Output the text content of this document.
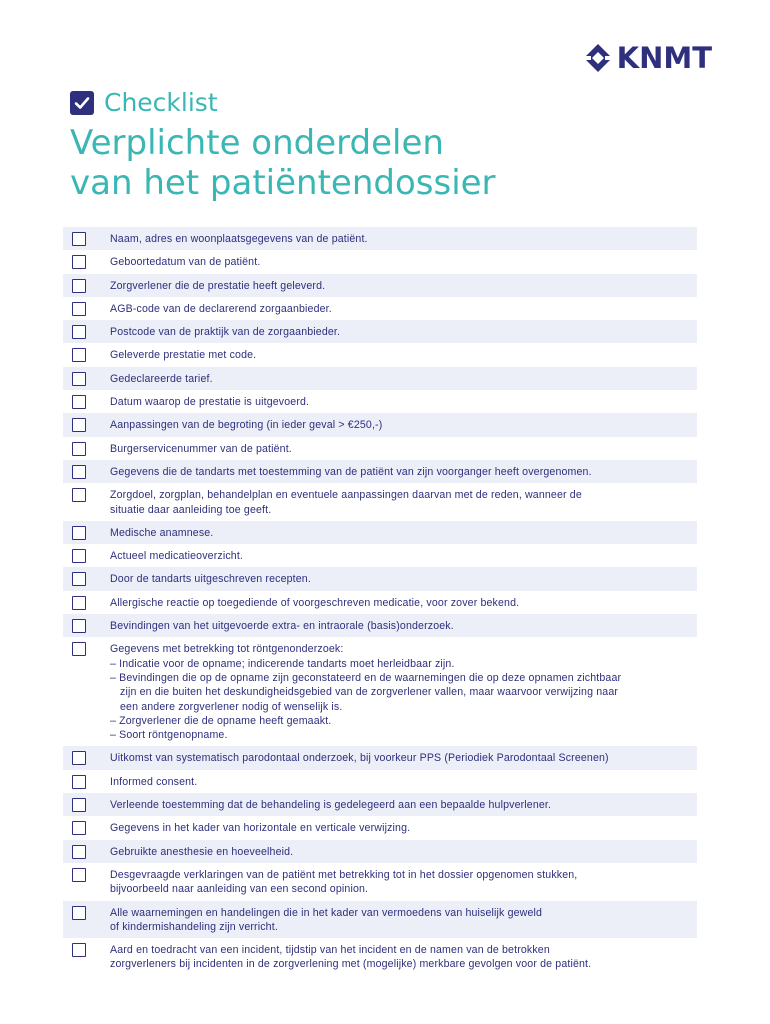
KNMT
Checklist
Verplichte onderdelen
van het patiëntendossier
Naam, adres en woonplaatsgegevens van de patiënt.
Geboortedatum van de patiënt.
Zorgverlener die de prestatie heeft geleverd.
AGB-code van de declarerend zorgaanbieder.
Postcode van de praktijk van de zorgaanbieder.
Geleverde prestatie met code.
Gedeclareerde tarief.
Datum waarop de prestatie is uitgevoerd.
Aanpassingen van de begroting (in ieder geval > €250,-)
Burgerservicenummer van de patiënt.
Gegevens die de tandarts met toestemming van de patiënt van zijn voorganger heeft overgenomen.
Zorgdoel, zorgplan, behandelplan en eventuele aanpassingen daarvan met de reden, wanneer de
situatie daar aanleiding toe geeft.
Medische anamnese.
Actueel medicatieoverzicht.
Door de tandarts uitgeschreven recepten.
Allergische reactie op toegediende of voorgeschreven medicatie, voor zover bekend.
Bevindingen van het uitgevoerde extra- en intraorale (basis)onderzoek.
Gegevens met betrekking tot röntgenonderzoek:
– Indicatie voor de opname; indicerende tandarts moet herleidbaar zijn.
– Bevindingen die op de opname zijn geconstateerd en de waarnemingen die op deze opnamen zichtbaar
zijn en die buiten het deskundigheidsgebied van de zorgverlener vallen, maar waarvoor verwijzing naar
een andere zorgverlener nodig of wenselijk is.
– Zorgverlener die de opname heeft gemaakt.
– Soort röntgenopname.
Uitkomst van systematisch parodontaal onderzoek, bij voorkeur PPS (Periodiek Parodontaal Screenen)
Informed consent.
Verleende toestemming dat de behandeling is gedelegeerd aan een bepaalde hulpverlener.
Gegevens in het kader van horizontale en verticale verwijzing.
Gebruikte anesthesie en hoeveelheid.
Desgevraagde verklaringen van de patiënt met betrekking tot in het dossier opgenomen stukken,
bijvoorbeeld naar aanleiding van een second opinion.
Alle waarnemingen en handelingen die in het kader van vermoedens van huiselijk geweld
of kindermishandeling zijn verricht.
Aard en toedracht van een incident, tijdstip van het incident en de namen van de betrokken
zorgverleners bij incidenten in de zorgverlening met (mogelijke) merkbare gevolgen voor de patiënt.
